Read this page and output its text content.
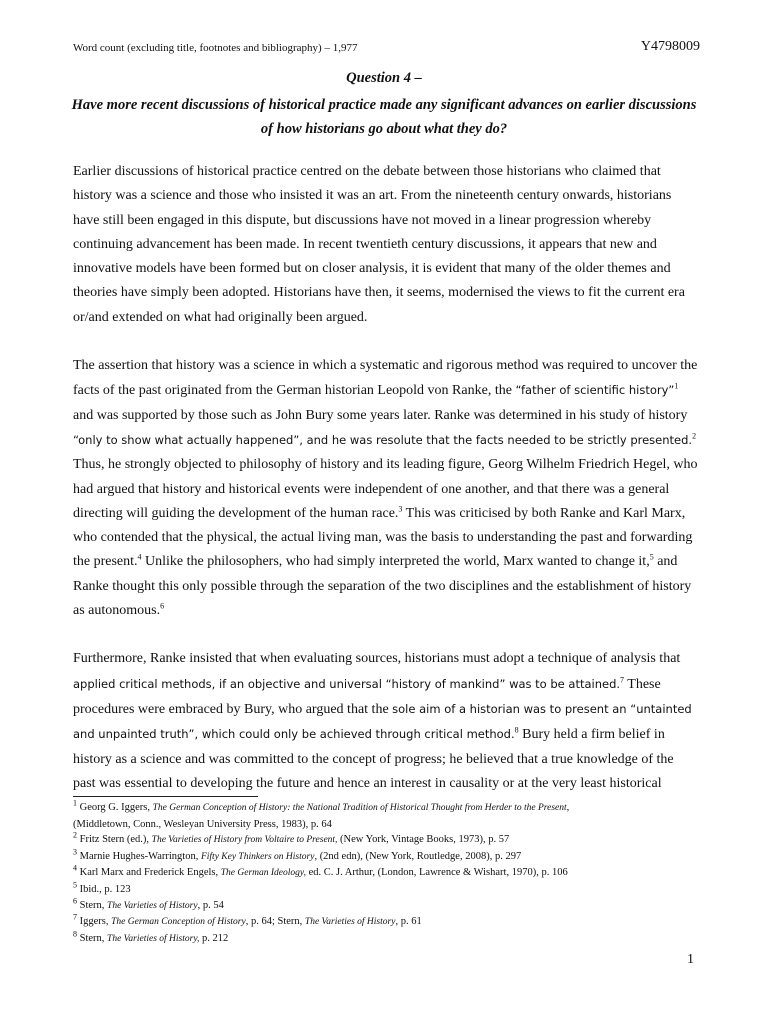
Word count (excluding title, footnotes and bibliography) – 1,977	Y4798009
Question 4 –
Have more recent discussions of historical practice made any significant advances on earlier discussions of how historians go about what they do?

Earlier discussions of historical practice centred on the debate between those historians who claimed that history was a science and those who insisted it was an art. From the nineteenth century onwards, historians have still been engaged in this dispute, but discussions have not moved in a linear progression whereby continuing advancement has been made. In recent twentieth century discussions, it appears that new and innovative models have been formed but on closer analysis, it is evident that many of the older themes and theories have simply been adopted. Historians have then, it seems, modernised the views to fit the current era or/and extended on what had originally been argued.

The assertion that history was a science in which a systematic and rigorous method was required to uncover the facts of the past originated from the German historian Leopold von Ranke, the “father of scientific history”$^1$ and was supported by those such as John Bury some years later. Ranke was determined in his study of history “only to show what actually happened”, and he was resolute that the facts needed to be strictly presented.$^2$ Thus, he strongly objected to philosophy of history and its leading figure, Georg Wilhelm Friedrich Hegel, who had argued that history and historical events were independent of one another, and that there was a general directing will guiding the development of the human race.$^3$ This was criticised by both Ranke and Karl Marx, who contended that the physical, the actual living man, was the basis to understanding the past and forwarding the present.$^4$ Unlike the philosophers, who had simply interpreted the world, Marx wanted to change it,$^5$ and Ranke thought this only possible through the separation of the two disciplines and the establishment of history as autonomous.$^6$

Furthermore, Ranke insisted that when evaluating sources, historians must adopt a technique of analysis that applied critical methods, if an objective and universal “history of mankind” was to be attained.$^7$ These procedures were embraced by Bury, who argued that the sole aim of a historian was to present an “untainted and unpainted truth”, which could only be achieved through critical method.$^8$ Bury held a firm belief in history as a science and was committed to the concept of progress; he believed that a true knowledge of the past was essential to developing the future and hence an interest in causality or at the very least historical

$^1$ Georg G. Iggers, The German Conception of History: the National Tradition of Historical Thought from Herder to the Present,
(Middletown, Conn., Wesleyan University Press, 1983), p. 64
$^2$ Fritz Stern (ed.), The Varieties of History from Voltaire to Present, (New York, Vintage Books, 1973), p. 57
$^3$ Marnie Hughes-Warrington, Fifty Key Thinkers on History, (2nd edn), (New York, Routledge, 2008), p. 297
$^4$ Karl Marx and Frederick Engels, The German Ideology, ed. C. J. Arthur, (London, Lawrence & Wishart, 1970), p. 106
$^5$ Ibid., p. 123
$^6$ Stern, The Varieties of History, p. 54
$^7$ Iggers, The German Conception of History, p. 64; Stern, The Varieties of History, p. 61
$^8$ Stern, The Varieties of History, p. 212
1
